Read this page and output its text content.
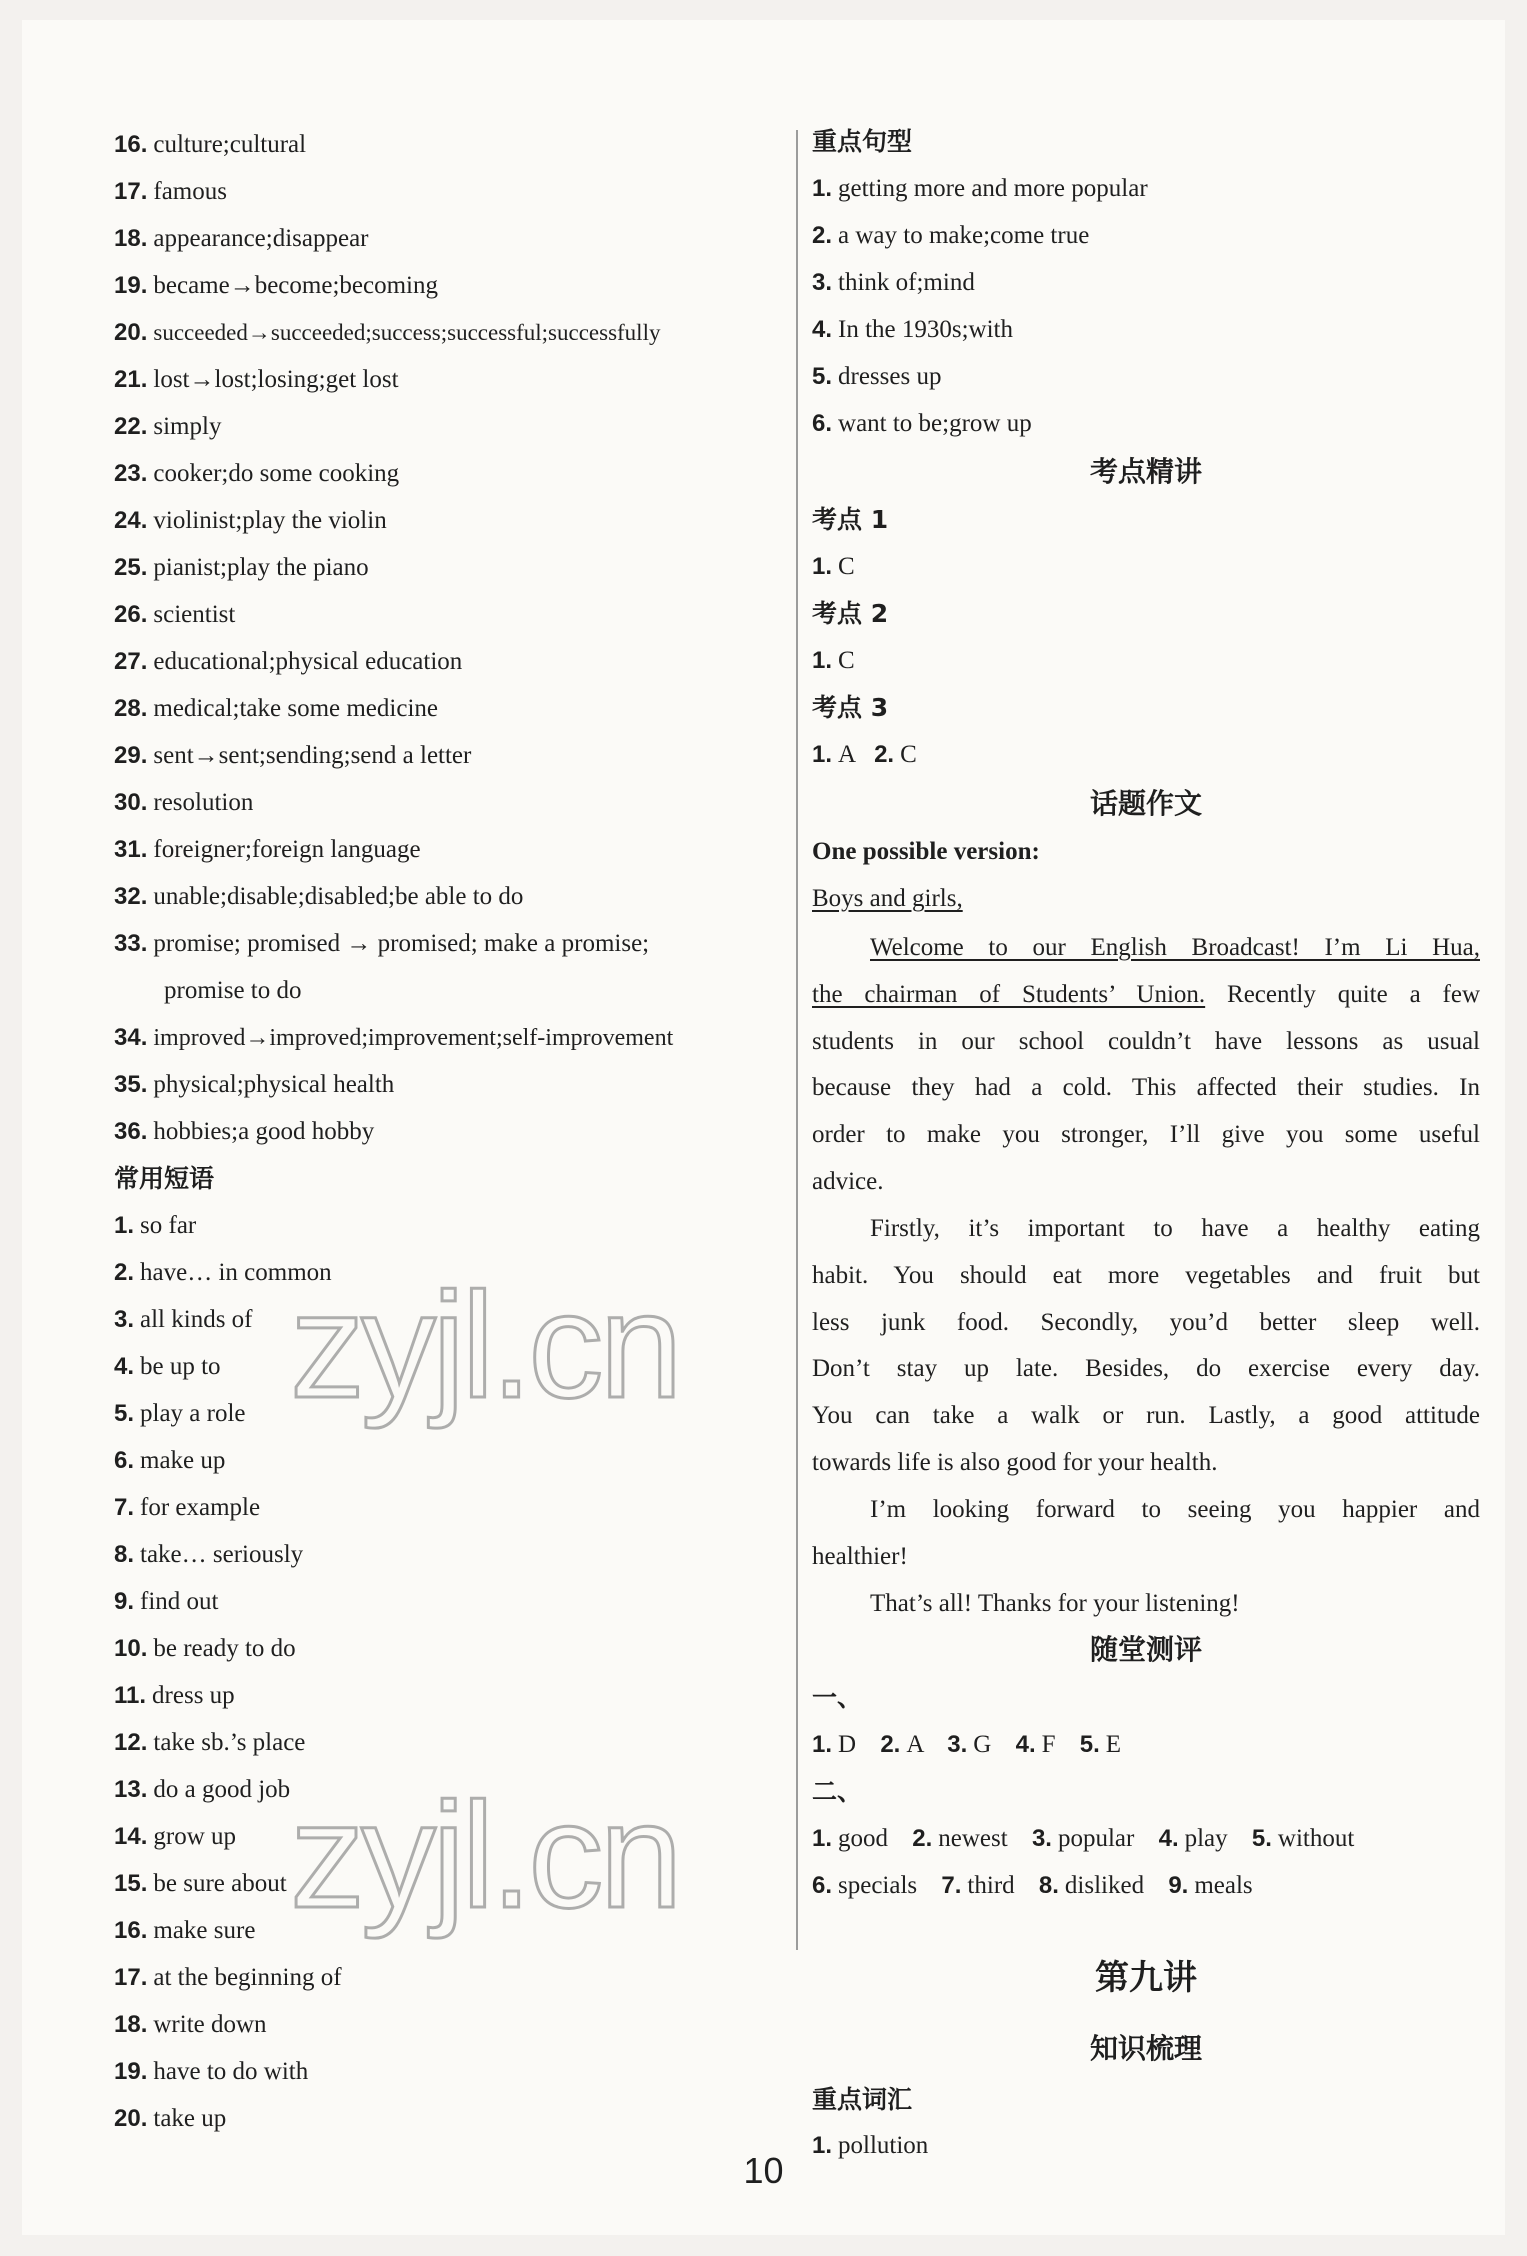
16. culture;cultural
17. famous
18. appearance;disappear
19. became→become;becoming
20. succeeded→succeeded;success;successful;successfully
21. lost→lost;losing;get lost
22. simply
23. cooker;do some cooking
24. violinist;play the violin
25. pianist;play the piano
26. scientist
27. educational;physical education
28. medical;take some medicine
29. sent→sent;sending;send a letter
30. resolution
31. foreigner;foreign language
32. unable;disable;disabled;be able to do
33. promise; promised → promised; make a promise;
promise to do
34. improved→improved;improvement;self-improvement
35. physical;physical health
36. hobbies;a good hobby
常用短语
1. so far
2. have… in common
3. all kinds of
4. be up to
5. play a role
6. make up
7. for example
8. take… seriously
9. find out
10. be ready to do
11. dress up
12. take sb.’s place
13. do a good job
14. grow up
15. be sure about
16. make sure
17. at the beginning of
18. write down
19. have to do with
20. take up
重点句型
1. getting more and more popular
2. a way to make;come true
3. think of;mind
4. In the 1930s;with
5. dresses up
6. want to be;grow up
考点精讲
考点 1
1. C
考点 2
1. C
考点 3
1. A 2. C
话题作文
One possible version:
Boys and girls,
Welcome to our English Broadcast! I’m Li Hua,
the chairman of Students’ Union. Recently quite a few
students in our school couldn’t have lessons as usual
because they had a cold. This affected their studies. In
order to make you stronger, I’ll give you some useful
advice.
Firstly, it’s important to have a healthy eating
habit. You should eat more vegetables and fruit but
less junk food. Secondly, you’d better sleep well.
Don’t stay up late. Besides, do exercise every day.
You can take a walk or run. Lastly, a good attitude
towards life is also good for your health.
I’m looking forward to seeing you happier and
healthier!
That’s all! Thanks for your listening!
随堂测评
一、
1. D 2. A 3. G 4. F 5. E
二、
1. good 2. newest 3. popular 4. play 5. without
6. specials 7. third 8. disliked 9. meals
第九讲
知识梳理
重点词汇
1. pollution
zyjl.cn
zyjl.cn
10
